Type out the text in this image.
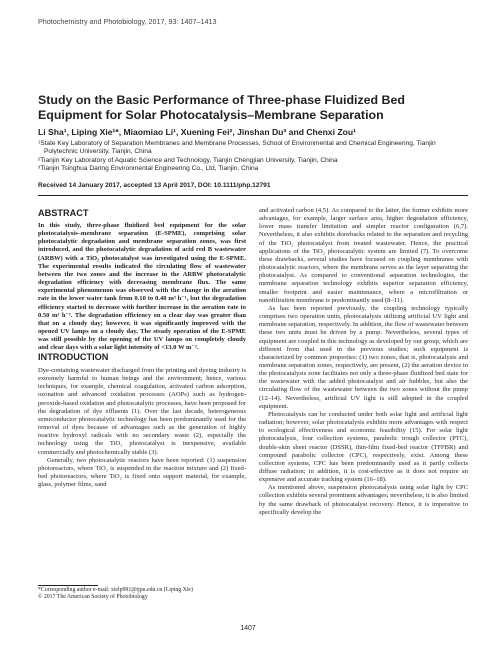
Photochemistry and Photobiology, 2017, 93: 1407–1413
Study on the Basic Performance of Three-phase Fluidized Bed Equipment for Solar Photocatalysis–Membrane Separation
Li Sha¹, Liping Xie¹*, Miaomiao Li¹, Xuening Fei², Jinshan Du³ and Chenxi Zou¹
¹State Key Laboratory of Separation Membranes and Membrane Processes, School of Environmental and Chemical Engineering, Tianjin Polytechnic University, Tianjin, China
²Tianjin Key Laboratory of Aquatic Science and Technology, Tianjin Chengjian University, Tianjin, China
³Tianjin Tsinghua Daring Environmental Engineering Co., Ltd, Tianjin, China
Received 14 January 2017, accepted 13 April 2017, DOI: 10.1111/php.12791
ABSTRACT
In this study, three-phase fluidized bed equipment for the solar photocatalysis–membrane separation (E-SPME), comprising solar photocatalytic degradation and membrane separation zones, was first introduced, and the photocatalytic degradation of acid red B wastewater (ARBW) with a TiO₂ photocatalyst was investigated using the E-SPME. The experimental results indicated the circulating flow of wastewater between the two zones and the increase in the ARBW photocatalytic degradation efficiency with decreasing membrane flux. The same experimental phenomenon was observed with the change in the aeration rate in the lower water tank from 0.10 to 0.40 m³ h⁻¹, but the degradation efficiency started to decrease with further increase in the aeration rate to 0.50 m³ h⁻¹. The degradation efficiency on a clear day was greater than that on a cloudy day; however, it was significantly improved with the opened UV lamps on a cloudy day. The steady operation of the E-SPME was still possible by the opening of the UV lamps on completely cloudy and clear days with a solar light intensity of <13.0 W m⁻².
INTRODUCTION

Dye-containing wastewater discharged from the printing and dyeing industry is extremely harmful to human beings and the environment; hence, various techniques, for example, chemical coagulation, activated carbon adsorption, ozonation and advanced oxidation processes (AOPs) such as hydrogen-peroxide-based oxidation and photocatalytic processes, have been proposed for the degradation of dye effluents (1). Over the last decade, heterogeneous semiconductor photocatalytic technology has been predominantly used for the removal of dyes because of advantages such as the generation of highly reactive hydroxyl radicals with no secondary waste (2), especially the technology using the TiO₂ photocatalyst is inexpensive, available commercially and photochemically stable (3).

Generally, two photocatalytic reactors have been reported: (1) suspension photoreactors, where TiO₂ is suspended in the reaction mixture and (2) fixed-bed photoreactors, where TiO₂ is fixed onto support material, for example, glass, polymer films, sand

and activated carbon (4,5). As compared to the latter, the former exhibits more advantages, for example, larger surface area, higher degradation efficiency, lower mass transfer limitation and simpler reactor configuration (6,7). Nevertheless, it also exhibits drawbacks related to the separation and recycling of the TiO₂ photocatalyst from treated wastewater. Hence, the practical applications of the TiO₂ photocatalytic system are limited (7). To overcome these drawbacks, several studies have focused on coupling membranes with photocatalytic reactors, where the membrane serves as the layer separating the photocatalyst. As compared to conventional separation technologies, the membrane separation technology exhibits superior separation efficiency, smaller footprint and easier maintenance, where a microfiltration or nanofiltration membrane is predominantly used (8–11).

As has been reported previously, the coupling technology typically comprises two operation units, photocatalysis utilizing artificial UV light and membrane separation, respectively. In addition, the flow of wastewater between these two units must be driven by a pump. Nevertheless, several types of equipment are coupled in this technology as developed by our group, which are different from that used in the previous studies; such equipment is characterized by common properties: (1) two zones, that is, photocatalysis and membrane separation zones, respectively, are present, (2) the aeration device in the photocatalysis zone facilitates not only a three-phase fluidized bed state for the wastewater with the added photocatalyst and air bubbles, but also the circulating flow of the wastewater between the two zones without the pump (12–14). Nevertheless, artificial UV light is still adopted in the coupled equipment.

Photocatalysis can be conducted under both solar light and artificial light radiation; however, solar photocatalysis exhibits more advantages with respect to ecological effectiveness and economic feasibility (15). For solar light photocatalysis, four collection systems, parabolic trough collector (PTC), double-skin sheet reactor (DSSR), thin-film fixed-bed reactor (TFFBR) and compound parabolic collector (CPC), respectively, exist. Among these collection systems, CPC has been predominantly used as it partly collects diffuse radiation; in addition, it is cost-effective as it does not require an expensive and accurate tracking system (16–18).

As mentioned above, suspension photocatalysis using solar light by CPC collection exhibits several prominent advantages; nevertheless, it is also limited by the same drawback of photocatalyst recovery. Hence, it is imperative to specifically develop the

*Corresponding author e-mail: xielp991@tjpu.edu.cn (Liping Xie)
© 2017 The American Society of Photobiology
1407
